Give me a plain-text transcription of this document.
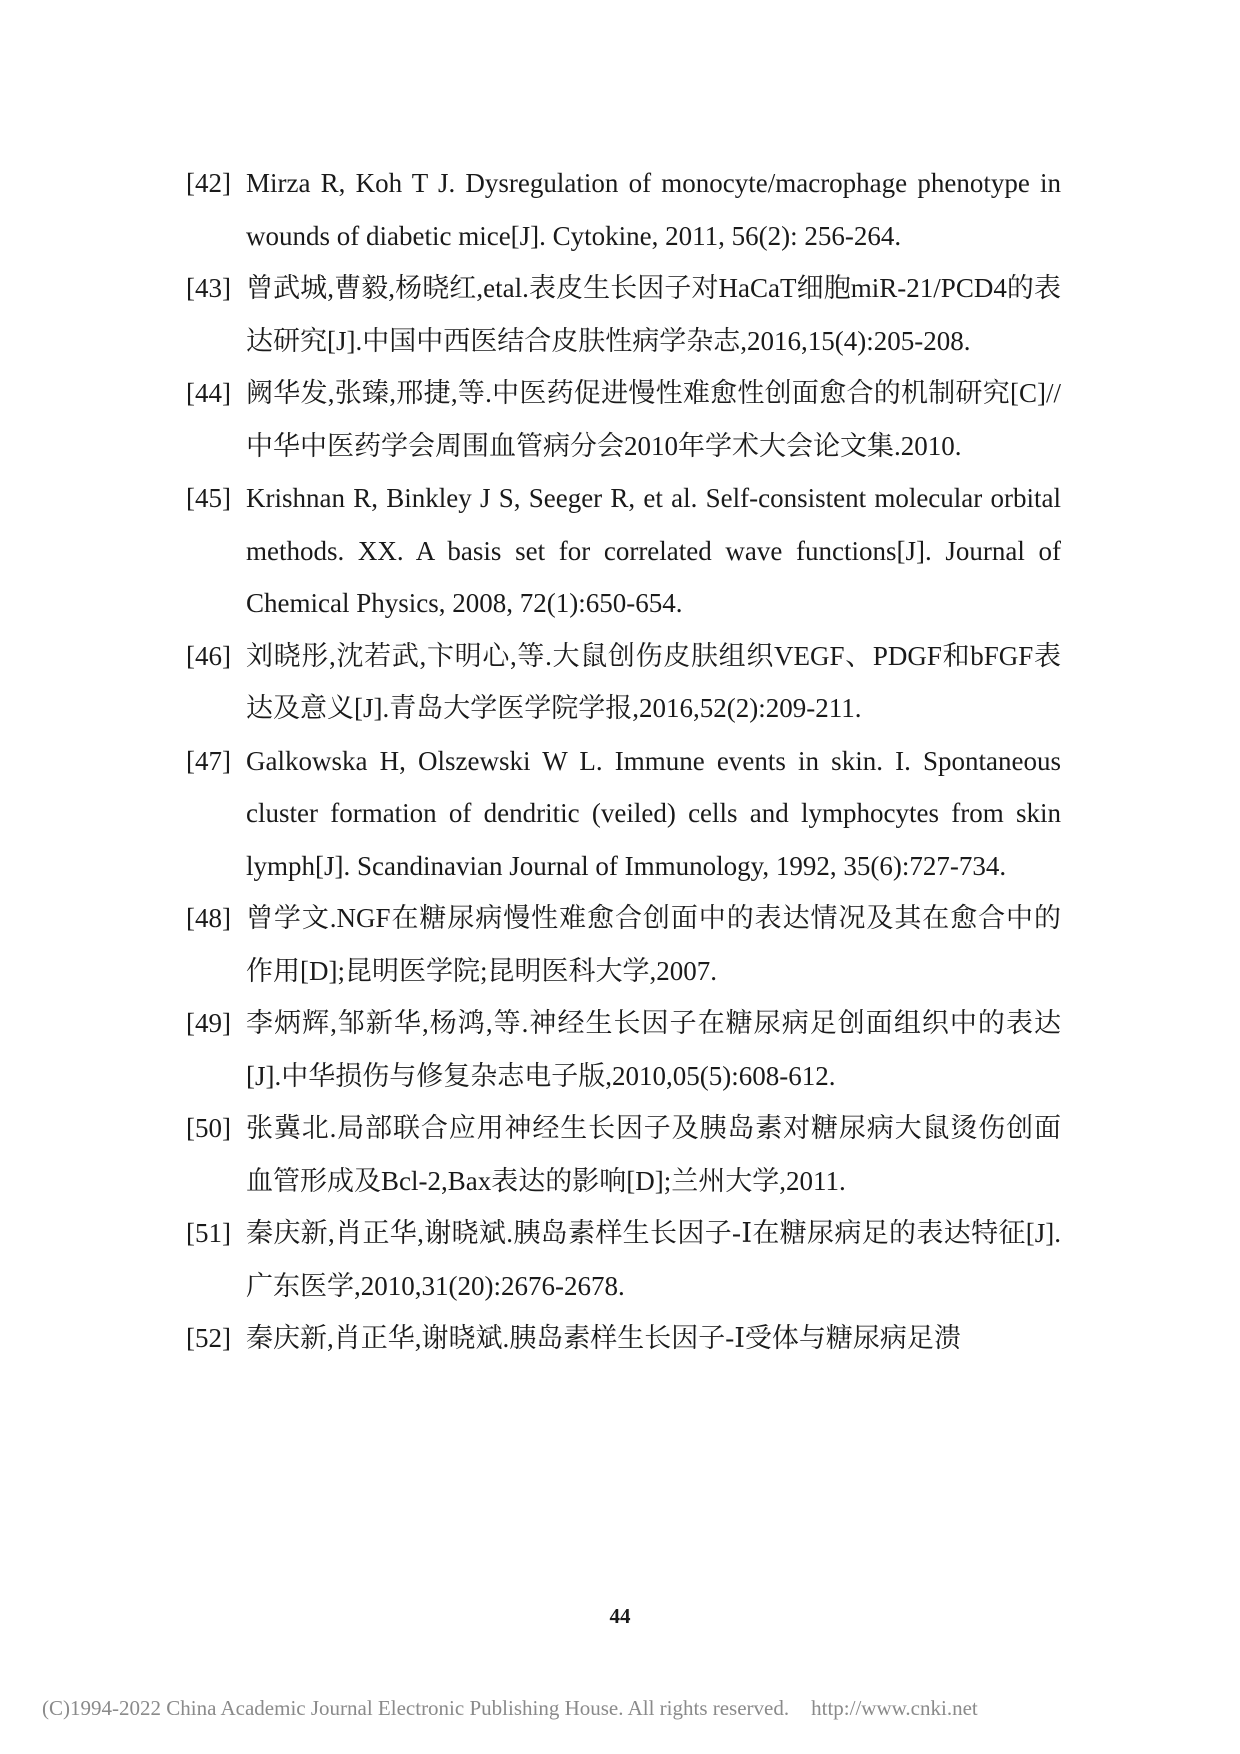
[42] Mirza R, Koh T J. Dysregulation of monocyte/macrophage phenotype in wounds of diabetic mice[J]. Cytokine, 2011, 56(2): 256-264.
[43] 曾武城,曹毅,杨晓红,etal.表皮生长因子对HaCaT细胞miR-21/PCD4的表达研究[J].中国中西医结合皮肤性病学杂志,2016,15(4):205-208.
[44] 阙华发,张臻,邢捷,等.中医药促进慢性难愈性创面愈合的机制研究[C]//中华中医药学会周围血管病分会2010年学术大会论文集.2010.
[45] Krishnan R, Binkley J S, Seeger R, et al. Self‐consistent molecular orbital methods. XX. A basis set for correlated wave functions[J]. Journal of Chemical Physics, 2008, 72(1):650-654.
[46] 刘晓彤,沈若武,卞明心,等.大鼠创伤皮肤组织VEGF、PDGF和bFGF表达及意义[J].青岛大学医学院学报,2016,52(2):209-211.
[47] Galkowska H, Olszewski W L. Immune events in skin. I. Spontaneous cluster formation of dendritic (veiled) cells and lymphocytes from skin lymph[J]. Scandinavian Journal of Immunology, 1992, 35(6):727-734.
[48] 曾学文.NGF在糖尿病慢性难愈合创面中的表达情况及其在愈合中的作用[D];昆明医学院;昆明医科大学,2007.
[49] 李炳辉,邹新华,杨鸿,等.神经生长因子在糖尿病足创面组织中的表达[J].中华损伤与修复杂志电子版,2010,05(5):608-612.
[50] 张冀北.局部联合应用神经生长因子及胰岛素对糖尿病大鼠烫伤创面血管形成及Bcl-2,Bax表达的影响[D];兰州大学,2011.
[51] 秦庆新,肖正华,谢晓斌.胰岛素样生长因子-Ⅰ在糖尿病足的表达特征[J].广东医学,2010,31(20):2676-2678.
[52] 秦庆新,肖正华,谢晓斌.胰岛素样生长因子-Ⅰ受体与糖尿病足溃
44
(C)1994-2022 China Academic Journal Electronic Publishing House. All rights reserved. http://www.cnki.net
